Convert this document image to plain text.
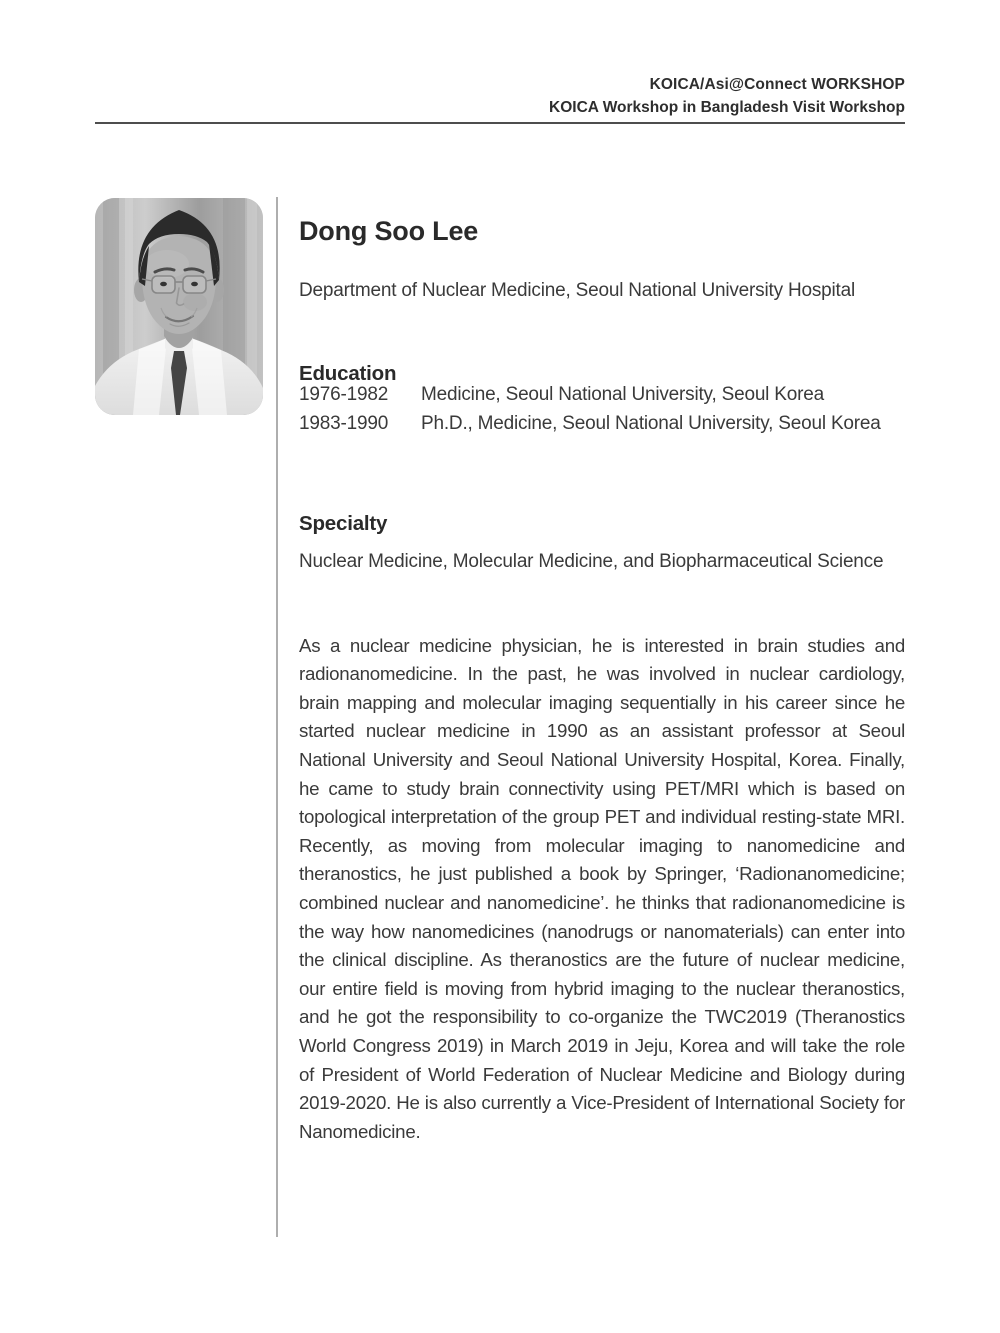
KOICA/Asi@Connect WORKSHOP
KOICA Workshop in Bangladesh Visit Workshop
Dong Soo Lee

Department of Nuclear Medicine, Seoul National University Hospital

Education
1976-1982	Medicine, Seoul National University, Seoul Korea
1983-1990	Ph.D., Medicine, Seoul National University, Seoul Korea
Specialty

Nuclear Medicine, Molecular Medicine, and Biopharmaceutical Science

As a nuclear medicine physician, he is interested in brain studies and radionanomedicine. In the past, he was involved in nuclear cardiology, brain mapping and molecular imaging sequentially in his career since he started nuclear medicine in 1990 as an assistant professor at Seoul National University and Seoul National University Hospital, Korea. Finally, he came to study brain connectivity using PET/MRI which is based on topological interpretation of the group PET and individual resting-state MRI. Recently, as moving from molecular imaging to nanomedicine and theranostics, he just published a book by Springer, ‘Radionanomedicine; combined nuclear and nanomedicine’. he thinks that radionanomedicine is the way how nanomedicines (nanodrugs or nanomaterials) can enter into the clinical discipline. As theranostics are the future of nuclear medicine, our entire field is moving from hybrid imaging to the nuclear theranostics, and he got the responsibility to co-organize the TWC2019 (Theranostics World Congress 2019) in March 2019 in Jeju, Korea and will take the role of President of World Federation of Nuclear Medicine and Biology during 2019-2020. He is also currently a Vice-President of International Society for Nanomedicine.
